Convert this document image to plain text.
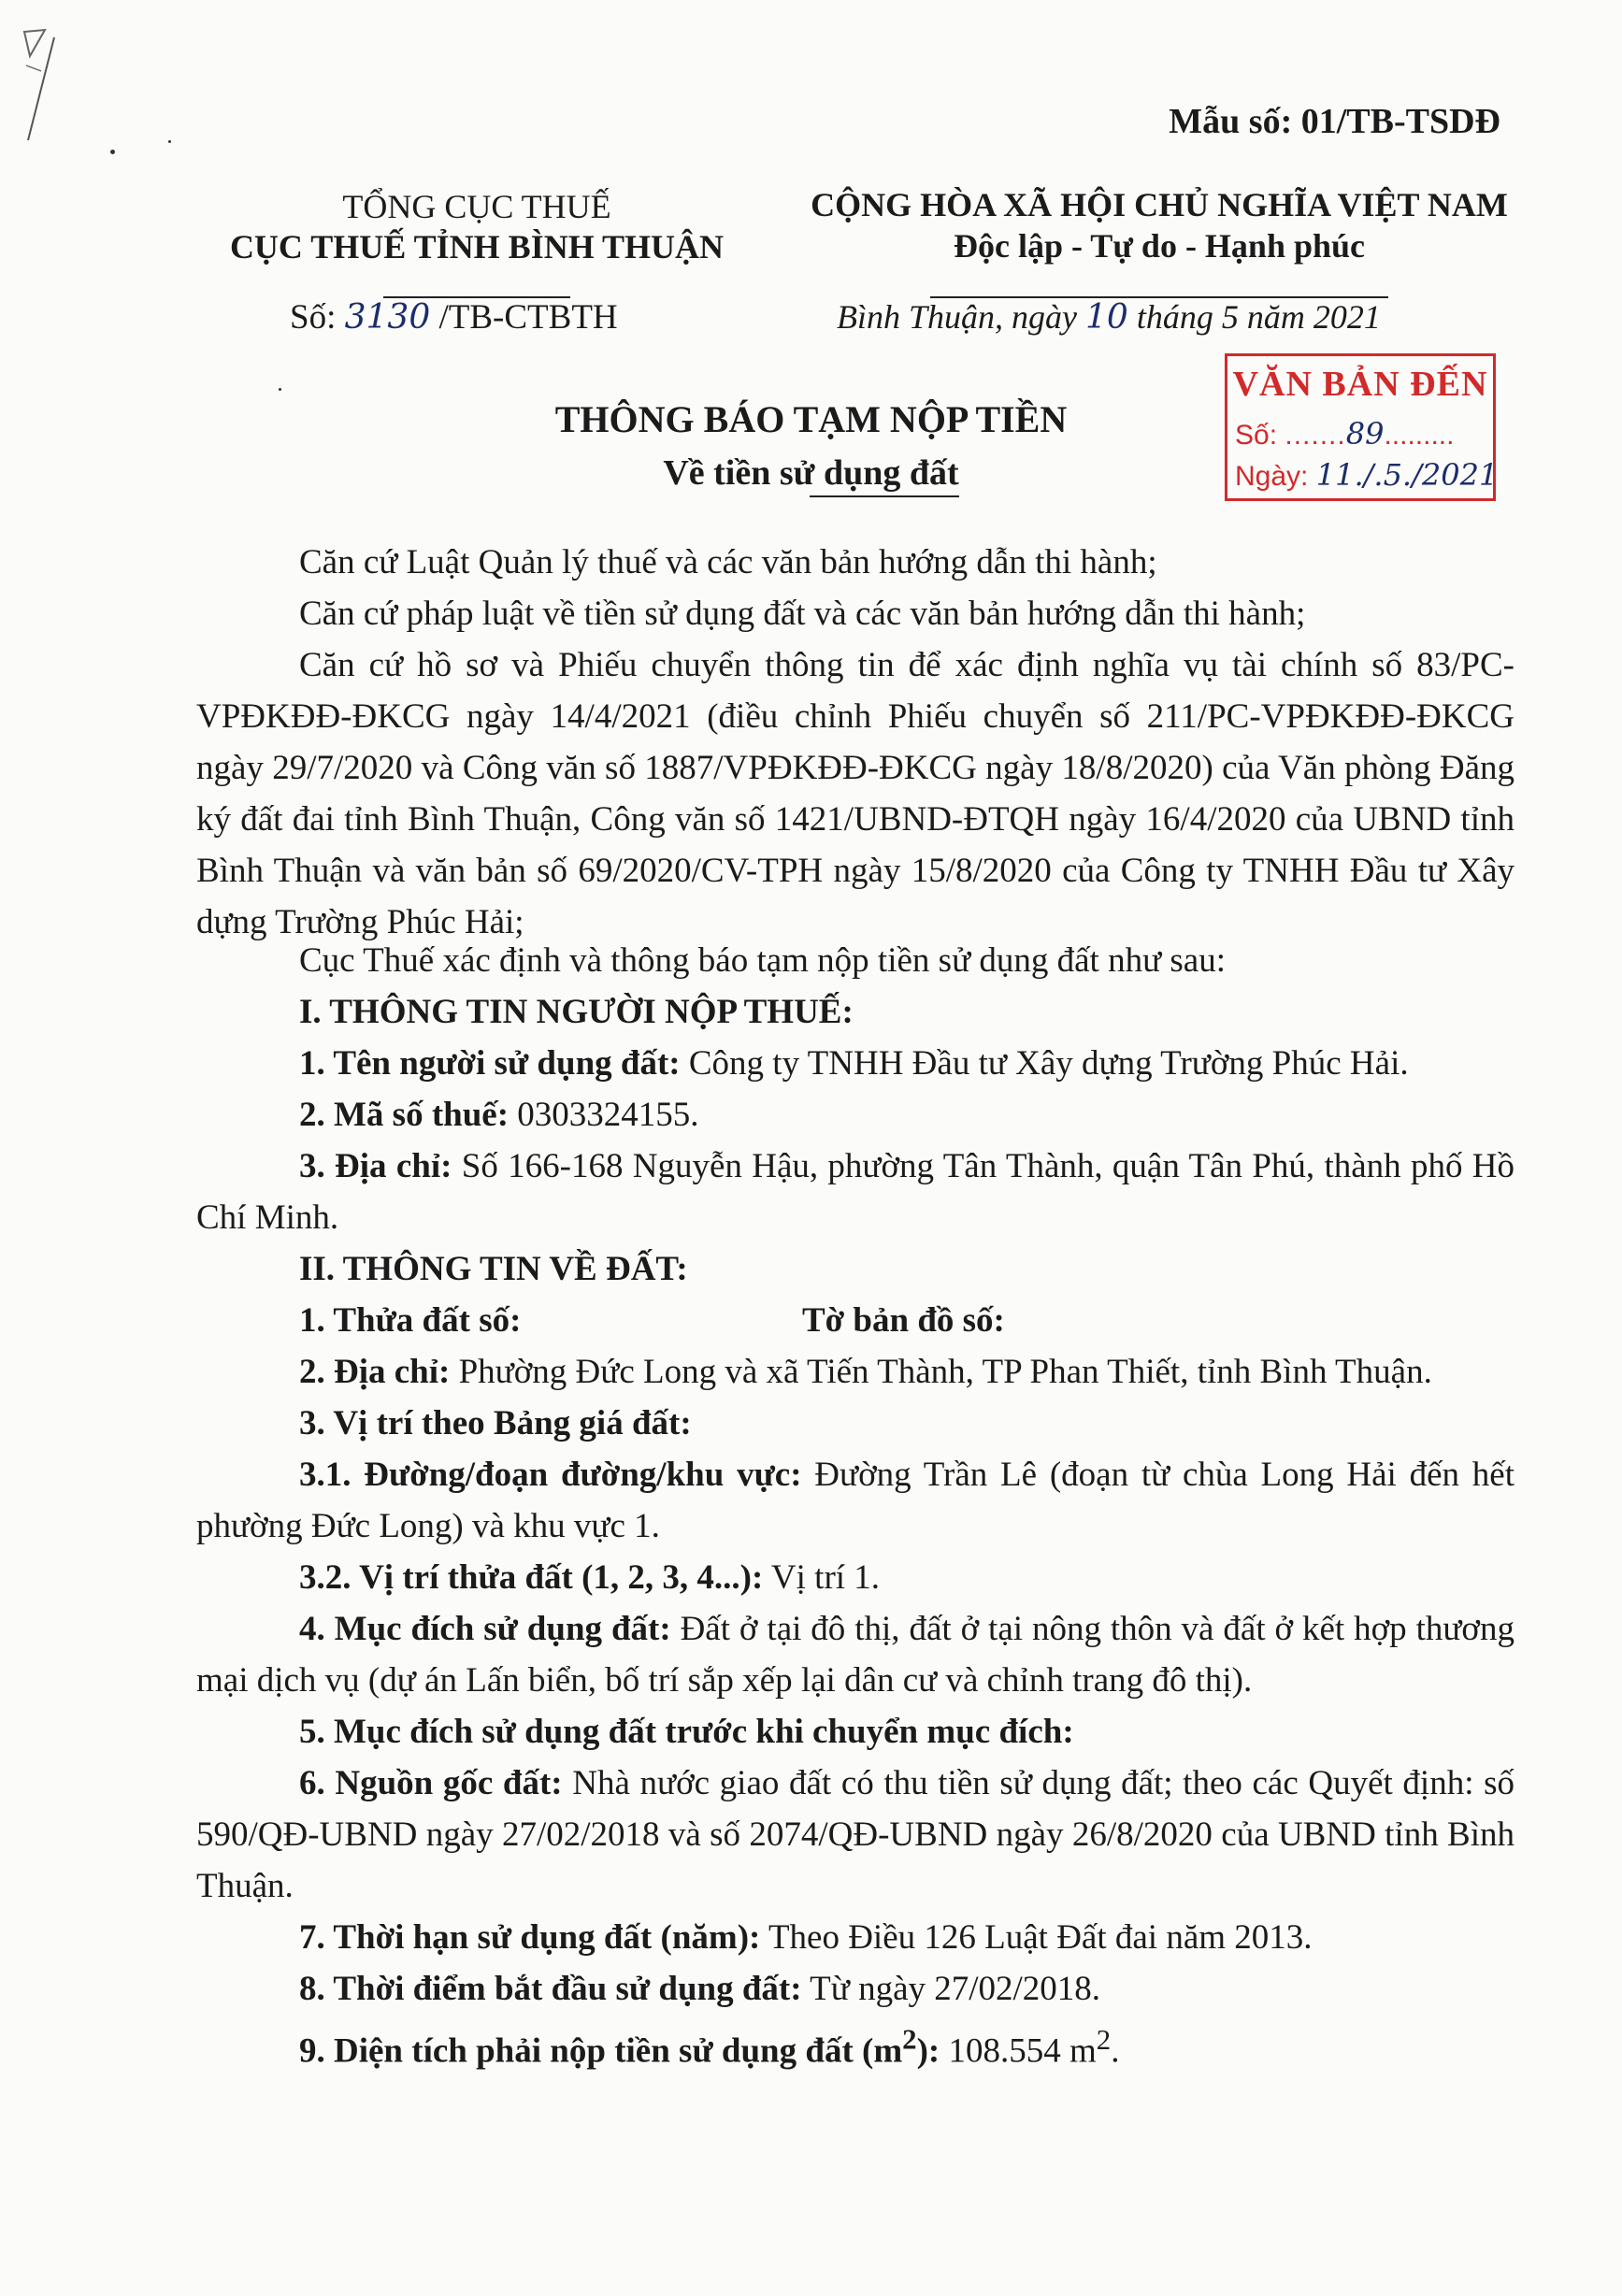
Mẫu số: 01/TB-TSDĐ
TỔNG CỤC THUẾ
CỤC THUẾ TỈNH BÌNH THUẬN

CỘNG HÒA XÃ HỘI CHỦ NGHĨA VIỆT NAM
Độc lập - Tự do - Hạnh phúc
Số: 3130 /TB-CTBTH	Bình Thuận, ngày 10 tháng 5 năm 2021
VĂN BẢN ĐẾN
Số: .......89.........
Ngày: 11./.5./2021
THÔNG BÁO TẠM NỘP TIỀN
Về tiền sử dụng đất
Căn cứ Luật Quản lý thuế và các văn bản hướng dẫn thi hành;
Căn cứ pháp luật về tiền sử dụng đất và các văn bản hướng dẫn thi hành;
Căn cứ hồ sơ và Phiếu chuyển thông tin để xác định nghĩa vụ tài chính số 83/PC-VPĐKĐĐ-ĐKCG ngày 14/4/2021 (điều chỉnh Phiếu chuyển số 211/PC-VPĐKĐĐ-ĐKCG ngày 29/7/2020 và Công văn số 1887/VPĐKĐĐ-ĐKCG ngày 18/8/2020) của Văn phòng Đăng ký đất đai tỉnh Bình Thuận, Công văn số 1421/UBND-ĐTQH ngày 16/4/2020 của UBND tỉnh Bình Thuận và văn bản số 69/2020/CV-TPH ngày 15/8/2020 của Công ty TNHH Đầu tư Xây dựng Trường Phúc Hải;
Cục Thuế xác định và thông báo tạm nộp tiền sử dụng đất như sau:
I. THÔNG TIN NGƯỜI NỘP THUẾ:
1. Tên người sử dụng đất: Công ty TNHH Đầu tư Xây dựng Trường Phúc Hải.
2. Mã số thuế: 0303324155.
3. Địa chỉ: Số 166-168 Nguyễn Hậu, phường Tân Thành, quận Tân Phú, thành phố Hồ Chí Minh.
II. THÔNG TIN VỀ ĐẤT:
1. Thửa đất số:	Tờ bản đồ số:
2. Địa chỉ: Phường Đức Long và xã Tiến Thành, TP Phan Thiết, tỉnh Bình Thuận.
3. Vị trí theo Bảng giá đất:
3.1. Đường/đoạn đường/khu vực: Đường Trần Lê (đoạn từ chùa Long Hải đến hết phường Đức Long) và khu vực 1.
3.2. Vị trí thửa đất (1, 2, 3, 4...): Vị trí 1.
4. Mục đích sử dụng đất: Đất ở tại đô thị, đất ở tại nông thôn và đất ở kết hợp thương mại dịch vụ (dự án Lấn biển, bố trí sắp xếp lại dân cư và chỉnh trang đô thị).
5. Mục đích sử dụng đất trước khi chuyển mục đích:
6. Nguồn gốc đất: Nhà nước giao đất có thu tiền sử dụng đất; theo các Quyết định: số 590/QĐ-UBND ngày 27/02/2018 và số 2074/QĐ-UBND ngày 26/8/2020 của UBND tỉnh Bình Thuận.
7. Thời hạn sử dụng đất (năm): Theo Điều 126 Luật Đất đai năm 2013.
8. Thời điểm bắt đầu sử dụng đất: Từ ngày 27/02/2018.
9. Diện tích phải nộp tiền sử dụng đất $(m^2)$: 108.554 $m^2$.
